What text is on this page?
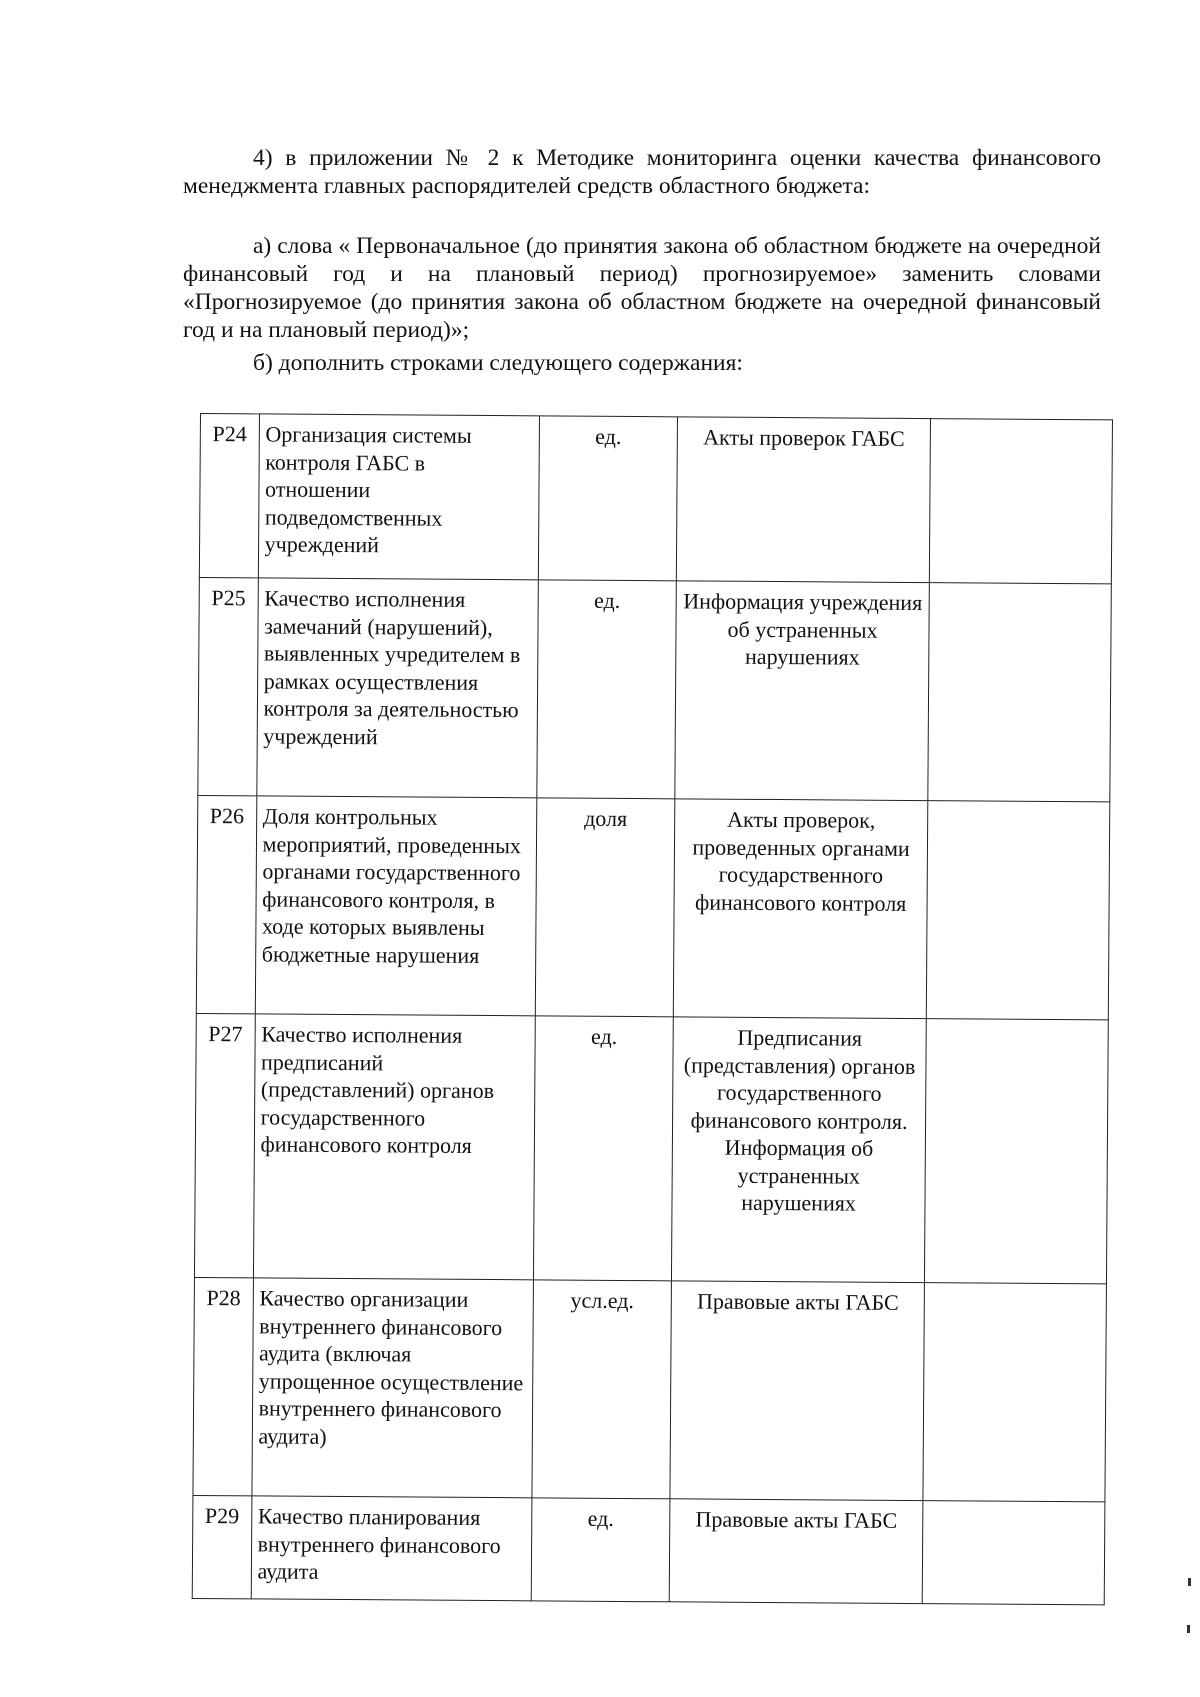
4) в приложении № 2 к Методике мониторинга оценки качества финансового менеджмента главных распорядителей средств областного бюджета:

а) слова « Первоначальное (до принятия закона об областном бюджете на очередной финансовый год и на плановый период) прогнозируемое» заменить словами «Прогнозируемое (до принятия закона об областном бюджете на очередной финансовый год и на плановый период)»;

б) дополнить строками следующего содержания:

P24	Организация системы контроля ГАБС в отношении подведомственных учреждений	ед.	Акты проверок ГАБС	
P25	Качество исполнения замечаний (нарушений), выявленных учредителем в рамках осуществления контроля за деятельностью учреждений	ед.	Информация учреждения об устраненных нарушениях	
P26	Доля контрольных мероприятий, проведенных органами государственного финансового контроля, в ходе которых выявлены бюджетные нарушения	доля	Акты проверок, проведенных органами государственного финансового контроля	
P27	Качество исполнения предписаний (представлений) органов государственного финансового контроля	ед.	Предписания (представления) органов государственного финансового контроля. Информация об устраненных нарушениях	
P28	Качество организации внутреннего финансового аудита (включая упрощенное осуществление внутреннего финансового аудита)	усл.ед.	Правовые акты ГАБС	
P29	Качество планирования внутреннего финансового аудита	ед.	Правовые акты ГАБС	
